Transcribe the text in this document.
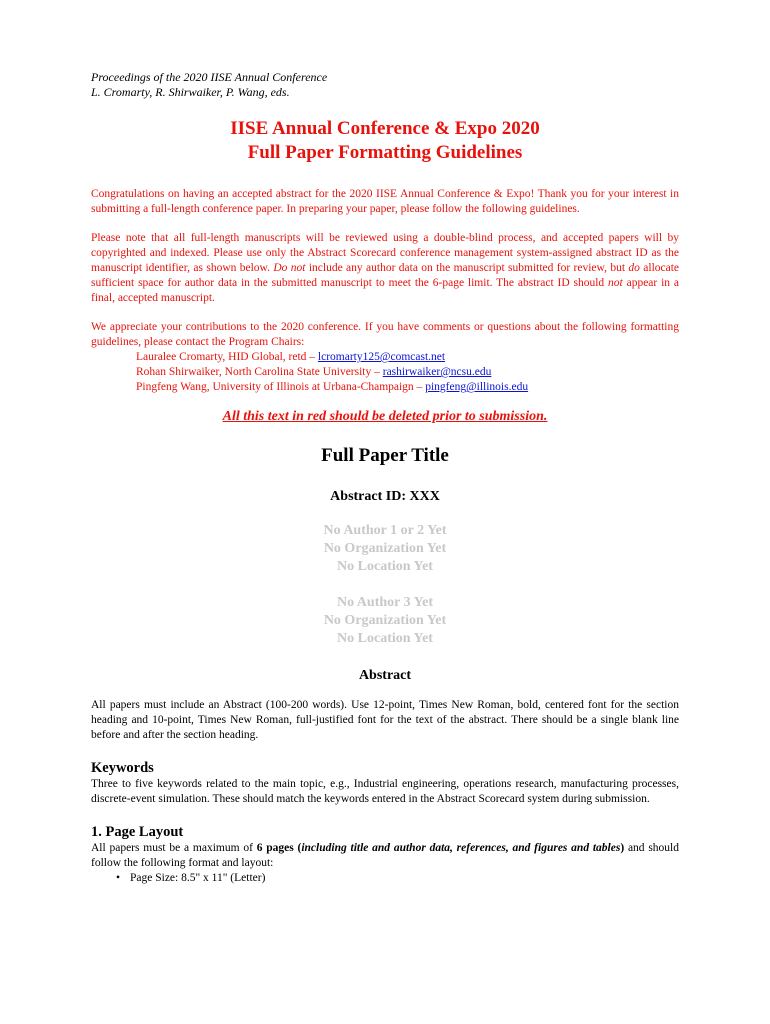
Proceedings of the 2020 IISE Annual Conference
L. Cromarty, R. Shirwaiker, P. Wang, eds.
IISE Annual Conference & Expo 2020
Full Paper Formatting Guidelines
Congratulations on having an accepted abstract for the 2020 IISE Annual Conference & Expo! Thank you for your interest in submitting a full-length conference paper. In preparing your paper, please follow the following guidelines.
Please note that all full-length manuscripts will be reviewed using a double-blind process, and accepted papers will by copyrighted and indexed. Please use only the Abstract Scorecard conference management system-assigned abstract ID as the manuscript identifier, as shown below. Do not include any author data on the manuscript submitted for review, but do allocate sufficient space for author data in the submitted manuscript to meet the 6-page limit. The abstract ID should not appear in a final, accepted manuscript.
We appreciate your contributions to the 2020 conference. If you have comments or questions about the following formatting guidelines, please contact the Program Chairs:
Lauralee Cromarty, HID Global, retd – lcromarty125@comcast.net
Rohan Shirwaiker, North Carolina State University – rashirwaiker@ncsu.edu
Pingfeng Wang, University of Illinois at Urbana-Champaign – pingfeng@illinois.edu
All this text in red should be deleted prior to submission.
Full Paper Title
Abstract ID: XXX
No Author 1 or 2 Yet
No Organization Yet
No Location Yet
No Author 3 Yet
No Organization Yet
No Location Yet
Abstract
All papers must include an Abstract (100-200 words). Use 12-point, Times New Roman, bold, centered font for the section heading and 10-point, Times New Roman, full-justified font for the text of the abstract. There should be a single blank line before and after the section heading.
Keywords
Three to five keywords related to the main topic, e.g., Industrial engineering, operations research, manufacturing processes, discrete-event simulation. These should match the keywords entered in the Abstract Scorecard system during submission.
1. Page Layout
All papers must be a maximum of 6 pages (including title and author data, references, and figures and tables) and should follow the following format and layout:
• Page Size: 8.5" x 11" (Letter)
